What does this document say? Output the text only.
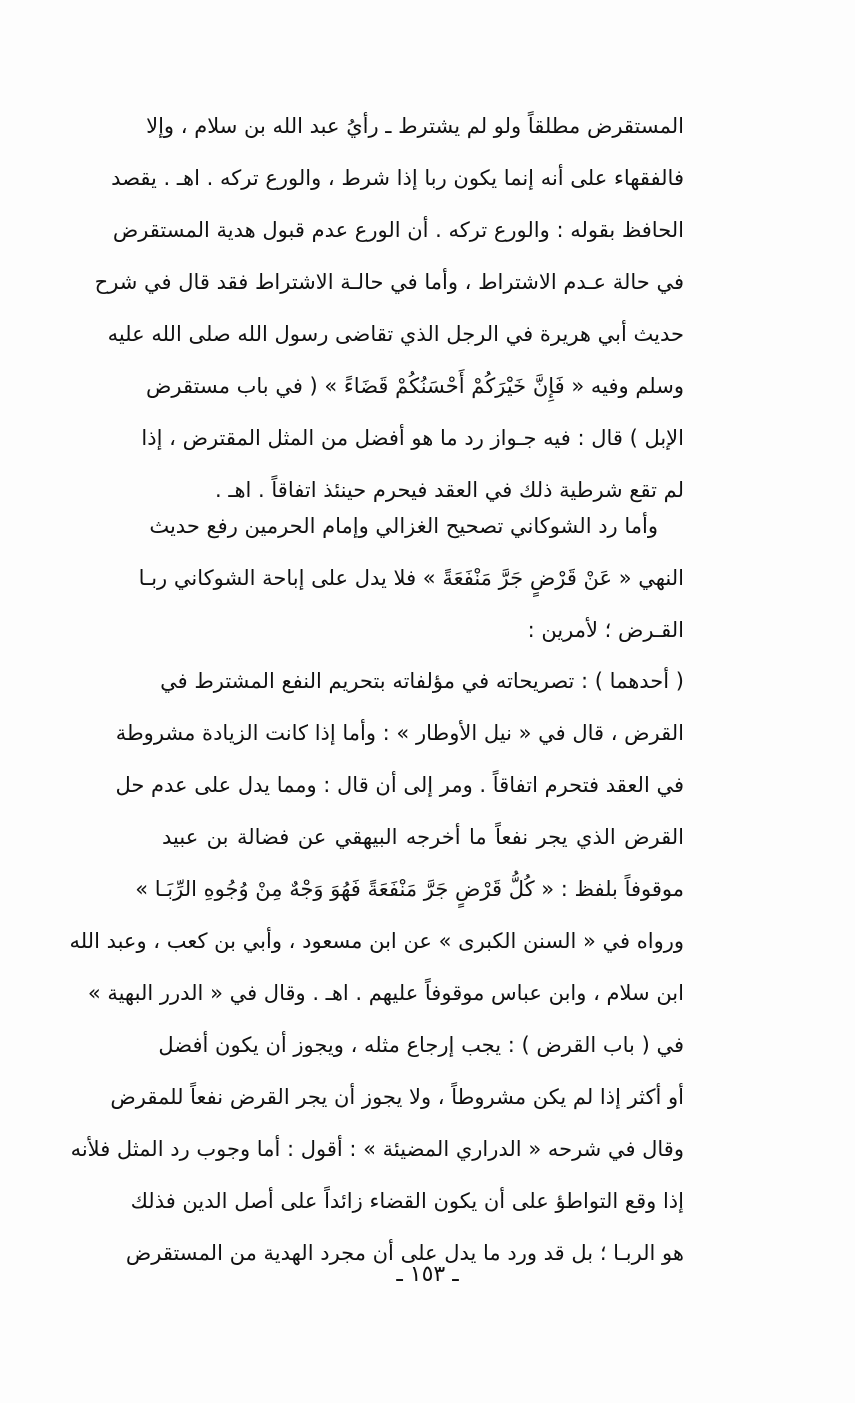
المستقرض مطلقاً ولو لم يشترط ـ رأيُ عبد الله بن سلام ، وإلا
فالفقهاء على أنه إنما يكون ربا إذا شرط ، والورع تركه . اهـ . يقصد
الحافظ بقوله : والورع تركه . أن الورع عدم قبول هدية المستقرض
في حالة عـدم الاشتراط ، وأما في حالـة الاشتراط فقد قال في شرح
حديث أبي هريرة في الرجل الذي تقاضى رسول الله صلى الله عليه
وسلم وفيه « فَإِنَّ خَيْرَكُمْ أَحْسَنُكُمْ قَضَاءً » ( في باب مستقرض
الإبل ) قال : فيه جـواز رد ما هو أفضل من المثل المقترض ، إذا
لم تقع شرطية ذلك في العقد فيحرم حينئذ اتفاقاً . اهـ .
وأما رد الشوكاني تصحيح الغزالي وإمام الحرمين رفع حديث
النهي « عَنْ قَرْضٍ جَرَّ مَنْفَعَةً » فلا يدل على إباحة الشوكاني ربـا
القـرض ؛ لأمرين :
( أحدهما ) : تصريحاته في مؤلفاته بتحريم النفع المشترط في
القرض ، قال في « نيل الأوطار » : وأما إذا كانت الزيادة مشروطة
في العقد فتحرم اتفاقاً . ومر إلى أن قال : ومما يدل على عدم حل
القرض الذي يجر نفعاً ما أخرجه البيهقي عن فضالة بن عبيد
موقوفاً بلفظ : « كُلُّ قَرْضٍ جَرَّ مَنْفَعَةً فَهُوَ وَجْهٌ مِنْ وُجُوهِ الرِّبَـا »
ورواه في « السنن الكبرى » عن ابن مسعود ، وأبي بن كعب ، وعبد الله
ابن سلام ، وابن عباس موقوفاً عليهم . اهـ . وقال في « الدرر البهية »
في ( باب القرض ) : يجب إرجاع مثله ، ويجوز أن يكون أفضل
أو أكثر إذا لم يكن مشروطاً ، ولا يجوز أن يجر القرض نفعاً للمقرض
وقال في شرحه « الدراري المضيئة » : أقول : أما وجوب رد المثل فلأنه
إذا وقع التواطؤ على أن يكون القضاء زائداً على أصل الدين فذلك
هو الربـا ؛ بل قد ورد ما يدل على أن مجرد الهدية من المستقرض
ـ ١٥٣ ـ
